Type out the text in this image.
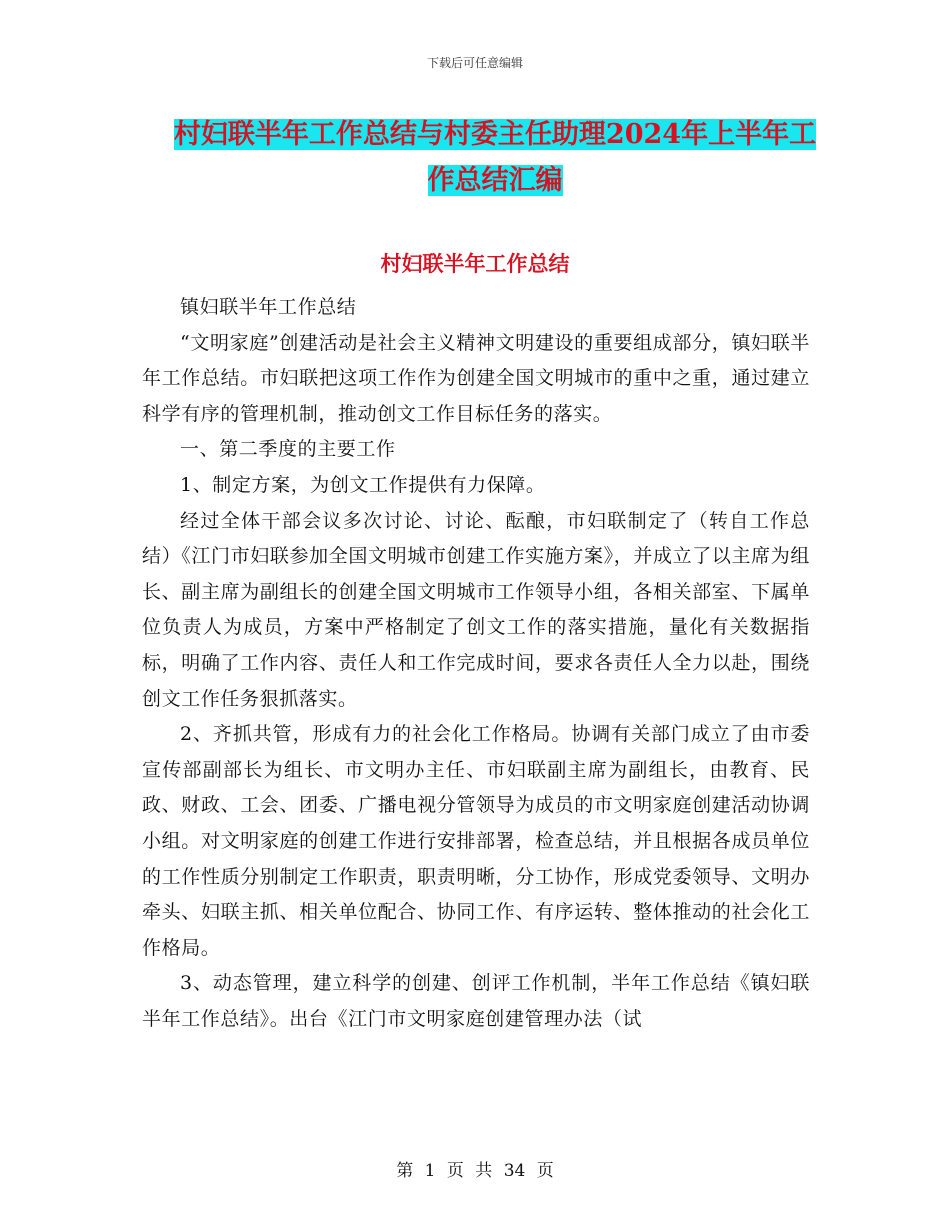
下载后可任意编辑
村妇联半年工作总结与村委主任助理2024年上半年工
作总结汇编
村妇联半年工作总结

镇妇联半年工作总结

“文明家庭”创建活动是社会主义精神文明建设的重要组成部分，镇妇联半年工作总结。市妇联把这项工作作为创建全国文明城市的重中之重，通过建立科学有序的管理机制，推动创文工作目标任务的落实。

一、第二季度的主要工作

1、制定方案，为创文工作提供有力保障。

经过全体干部会议多次讨论、讨论、酝酿，市妇联制定了（转自工作总结）《江门市妇联参加全国文明城市创建工作实施方案》，并成立了以主席为组长、副主席为副组长的创建全国文明城市工作领导小组，各相关部室、下属单位负责人为成员，方案中严格制定了创文工作的落实措施，量化有关数据指标，明确了工作内容、责任人和工作完成时间，要求各责任人全力以赴，围绕创文工作任务狠抓落实。

2、齐抓共管，形成有力的社会化工作格局。协调有关部门成立了由市委宣传部副部长为组长、市文明办主任、市妇联副主席为副组长，由教育、民政、财政、工会、团委、广播电视分管领导为成员的市文明家庭创建活动协调小组。对文明家庭的创建工作进行安排部署，检查总结，并且根据各成员单位的工作性质分别制定工作职责，职责明晰，分工协作，形成党委领导、文明办牵头、妇联主抓、相关单位配合、协同工作、有序运转、整体推动的社会化工作格局。

3、动态管理，建立科学的创建、创评工作机制，半年工作总结《镇妇联半年工作总结》。出台《江门市文明家庭创建管理办法（试

第 1 页 共 34 页
